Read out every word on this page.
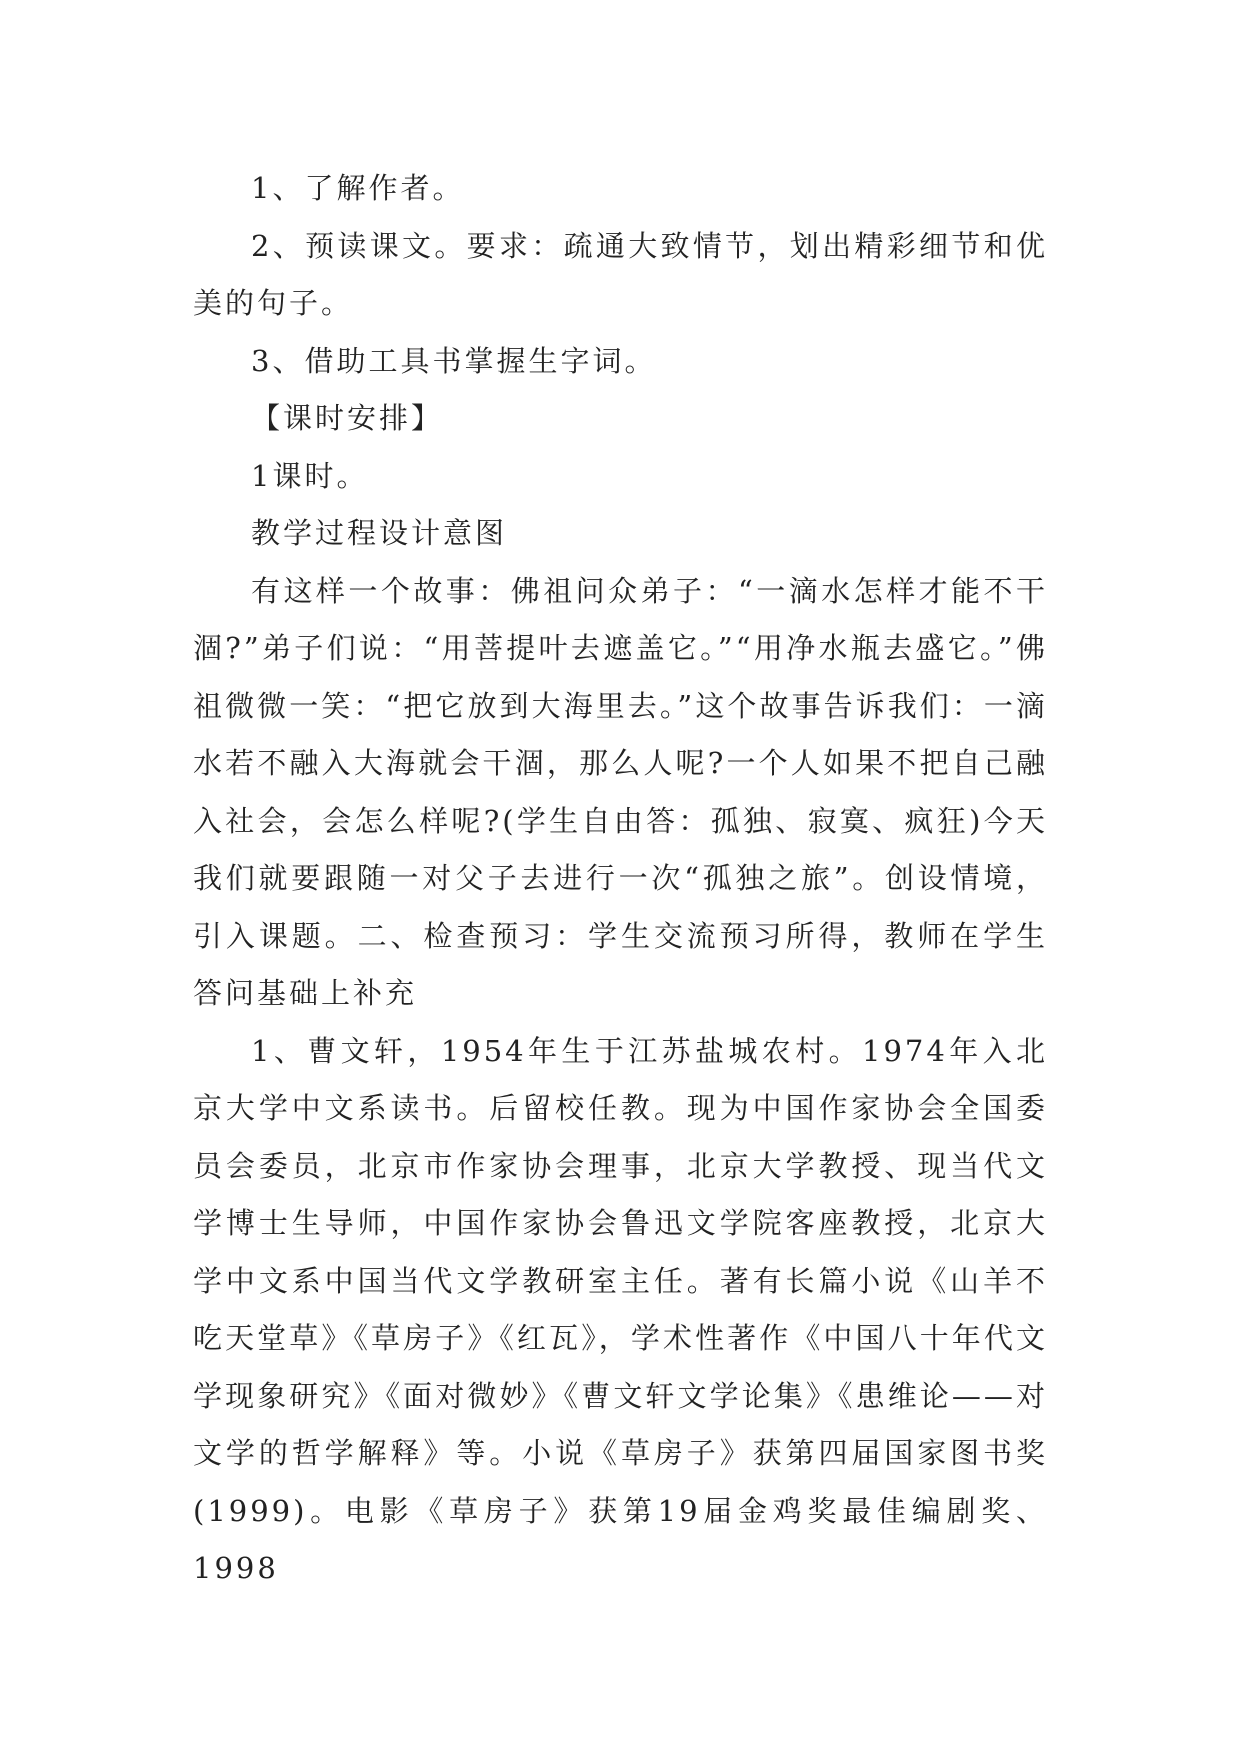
1、了解作者。

2、预读课文。要求：疏通大致情节，划出精彩细节和优美的句子。

3、借助工具书掌握生字词。

【课时安排】

1课时。

教学过程设计意图

有这样一个故事：佛祖问众弟子：“一滴水怎样才能不干涸?”弟子们说：“用菩提叶去遮盖它。”“用净水瓶去盛它。”佛祖微微一笑：“把它放到大海里去。”这个故事告诉我们：一滴水若不融入大海就会干涸，那么人呢?一个人如果不把自己融入社会，会怎么样呢?(学生自由答：孤独、寂寞、疯狂)今天我们就要跟随一对父子去进行一次“孤独之旅”。创设情境，引入课题。二、检查预习：学生交流预习所得，教师在学生答问基础上补充

1、曹文轩，1954年生于江苏盐城农村。1974年入北京大学中文系读书。后留校任教。现为中国作家协会全国委员会委员，北京市作家协会理事，北京大学教授、现当代文学博士生导师，中国作家协会鲁迅文学院客座教授，北京大学中文系中国当代文学教研室主任。著有长篇小说《山羊不吃天堂草》《草房子》《红瓦》，学术性著作《中国八十年代文学现象研究》《面对微妙》《曹文轩文学论集》《患维论——对文学的哲学解释》等。小说《草房子》获第四届国家图书奖(1999)。电影《草房子》获第19届金鸡奖最佳编剧奖、1998
